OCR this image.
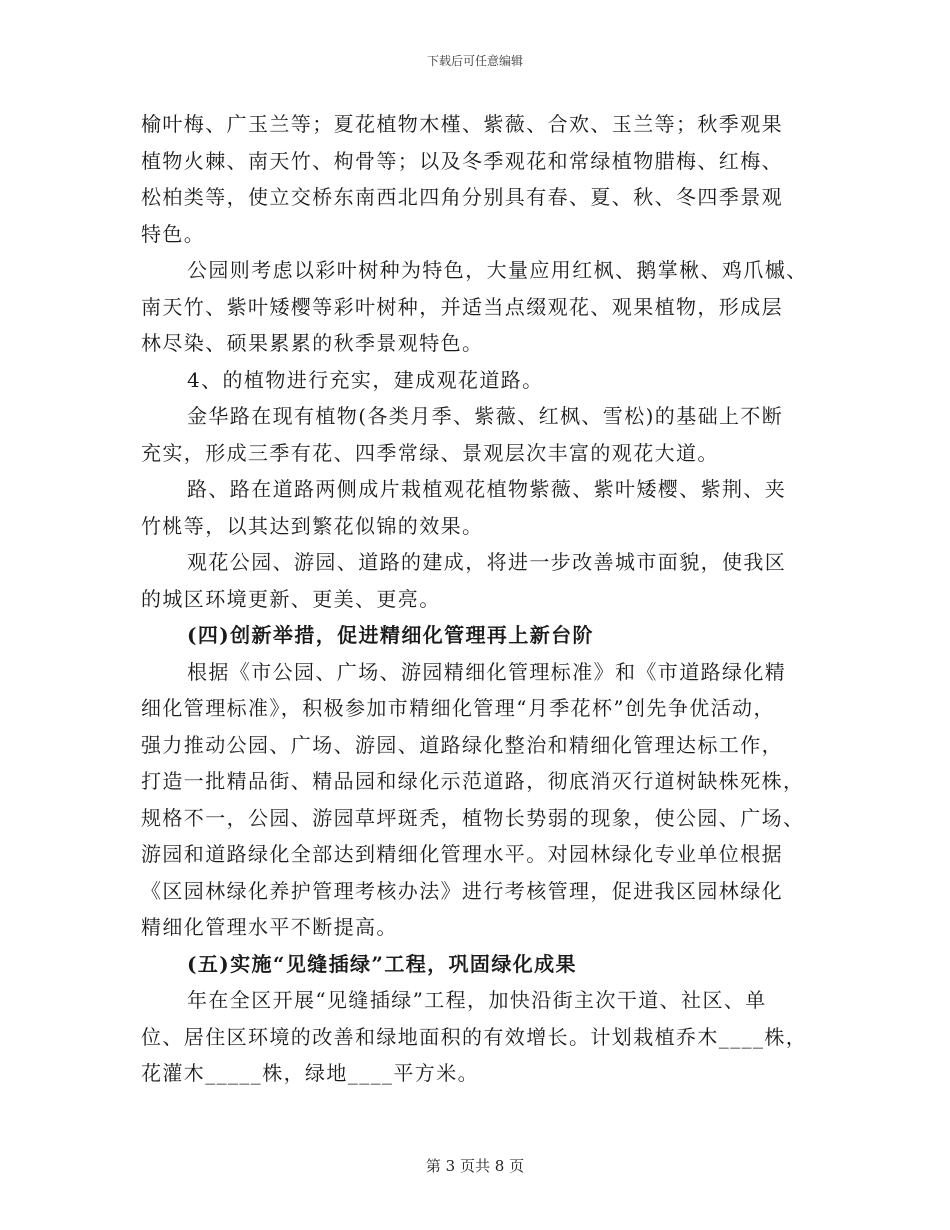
下载后可任意编辑

榆叶梅、广玉兰等；夏花植物木槿、紫薇、合欢、玉兰等；秋季观果
植物火棘、南天竹、枸骨等；以及冬季观花和常绿植物腊梅、红梅、
松柏类等，使立交桥东南西北四角分别具有春、夏、秋、冬四季景观
特色。

公园则考虑以彩叶树种为特色，大量应用红枫、鹅掌楸、鸡爪槭、
南天竹、紫叶矮樱等彩叶树种，并适当点缀观花、观果植物，形成层
林尽染、硕果累累的秋季景观特色。

4、的植物进行充实，建成观花道路。

金华路在现有植物(各类月季、紫薇、红枫、雪松)的基础上不断
充实，形成三季有花、四季常绿、景观层次丰富的观花大道。

路、路在道路两侧成片栽植观花植物紫薇、紫叶矮樱、紫荆、夹
竹桃等，以其达到繁花似锦的效果。

观花公园、游园、道路的建成，将进一步改善城市面貌，使我区
的城区环境更新、更美、更亮。

(四)创新举措，促进精细化管理再上新台阶

根据《市公园、广场、游园精细化管理标准》和《市道路绿化精
细化管理标准》，积极参加市精细化管理“月季花杯”创先争优活动，
强力推动公园、广场、游园、道路绿化整治和精细化管理达标工作，
打造一批精品街、精品园和绿化示范道路，彻底消灭行道树缺株死株，
规格不一，公园、游园草坪斑秃，植物长势弱的现象，使公园、广场、
游园和道路绿化全部达到精细化管理水平。对园林绿化专业单位根据
《区园林绿化养护管理考核办法》进行考核管理，促进我区园林绿化
精细化管理水平不断提高。

(五)实施“见缝插绿”工程，巩固绿化成果

年在全区开展“见缝插绿”工程，加快沿街主次干道、社区、单
位、居住区环境的改善和绿地面积的有效增长。计划栽植乔木____株，
花灌木_____株，绿地____平方米。

第 3 页共 8 页
